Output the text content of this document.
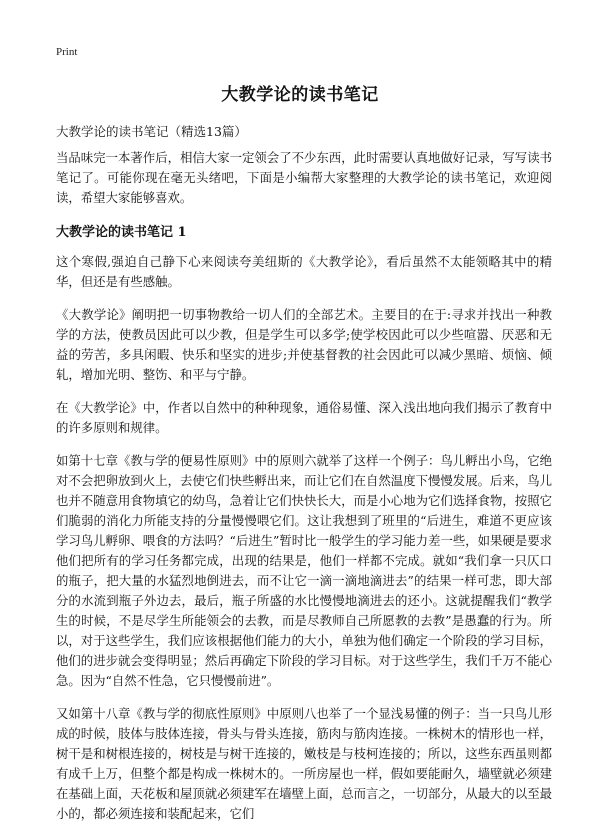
Print
大教学论的读书笔记
大教学论的读书笔记（精选13篇）

当品味完一本著作后，相信大家一定领会了不少东西，此时需要认真地做好记录，写写读书笔记了。可能你现在毫无头绪吧，下面是小编帮大家整理的大教学论的读书笔记，欢迎阅读，希望大家能够喜欢。

大教学论的读书笔记 1

这个寒假,强迫自己静下心来阅读夸美纽斯的《大教学论》，看后虽然不太能领略其中的精华，但还是有些感触。

《大教学论》阐明把一切事物教给一切人们的全部艺术。主要目的在于:寻求并找出一种教学的方法，使教员因此可以少教，但是学生可以多学;使学校因此可以少些喧嚣、厌恶和无益的劳苦，多具闲暇、快乐和坚实的进步;并使基督教的社会因此可以减少黑暗、烦恼、倾轧，增加光明、整饬、和平与宁静。

在《大教学论》中，作者以自然中的种种现象，通俗易懂、深入浅出地向我们揭示了教育中的许多原则和规律。

如第十七章《教与学的便易性原则》中的原则六就举了这样一个例子：鸟儿孵出小鸟，它绝对不会把卵放到火上，去使它们快些孵出来，而让它们在自然温度下慢慢发展。后来，鸟儿也并不随意用食物填它的幼鸟，急着让它们快快长大，而是小心地为它们选择食物，按照它们脆弱的消化力所能支持的分量慢慢喂它们。这让我想到了班里的“后进生，难道不更应该学习鸟儿孵卵、喂食的方法吗？“后进生”暂时比一般学生的学习能力差一些，如果硬是要求他们把所有的学习任务都完成，出现的结果是，他们一样都不完成。就如“我们拿一只仄口的瓶子，把大量的水猛烈地倒进去，而不让它一滴一滴地滴进去”的结果一样可悲，即大部分的水流到瓶子外边去，最后，瓶子所盛的水比慢慢地滴进去的还小。这就提醒我们“教学生的时候，不是尽学生所能领会的去教，而是尽教师自己所愿教的去教”是愚蠢的行为。所以，对于这些学生，我们应该根据他们能力的大小，单独为他们确定一个阶段的学习目标，他们的进步就会变得明显；然后再确定下阶段的学习目标。对于这些学生，我们千万不能心急。因为“自然不性急，它只慢慢前进”。

又如第十八章《教与学的彻底性原则》中原则八也举了一个显浅易懂的例子：当一只鸟儿形成的时候，肢体与肢体连接，骨头与骨头连接，筋肉与筋肉连接。一株树木的情形也一样，树干是和树根连接的，树枝是与树干连接的，嫩枝是与枝柯连接的；所以，这些东西虽则都有成千上万，但整个都是构成一株树木的。一所房屋也一样，假如要能耐久，墙壁就必须建在基础上面，天花板和屋顶就必须建军在墙壁上面，总而言之，一切部分，从最大的以至最小的，都必须连接和装配起来，它们
